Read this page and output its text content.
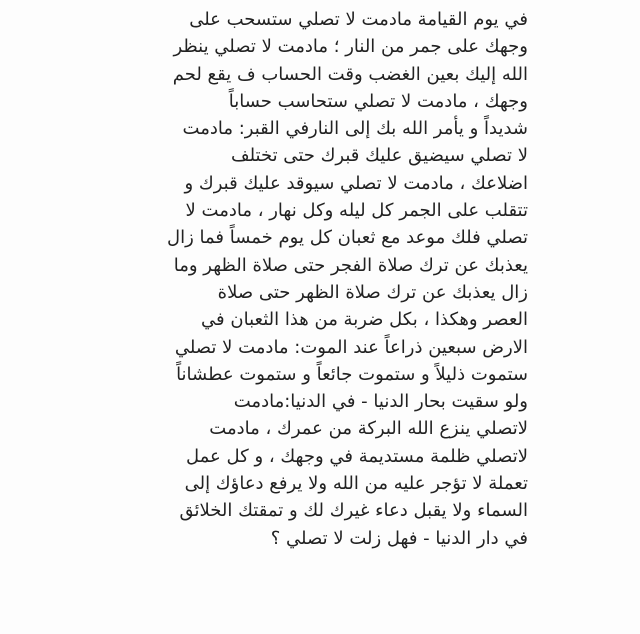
في يوم القيامة مادمت لا تصلي ستسحب على
وجهك على جمر من النار ؛ مادمت لا تصلي ينظر
الله إليك بعين الغضب وقت الحساب ف يقع لحم
وجهك ، مادمت لا تصلي ستحاسب حساباً
شديداً و يأمر الله بك إلى النارفي القبر: مادمت
لا تصلي سيضيق عليك قبرك حتى تختلف
اضلاعك ، مادمت لا تصلي سيوقد عليك قبرك و
تتقلب على الجمر كل ليله وكل نهار ، مادمت لا
تصلي فلك موعد مع ثعبان كل يوم خمساً فما زال
يعذبك عن ترك صلاة الفجر حتى صلاة الظهر وما
زال يعذبك عن ترك صلاة الظهر حتى صلاة
العصر وهكذا ، بكل ضربة من هذا الثعبان في
الارض سبعين ذراعاً عند الموت: مادمت لا تصلي
ستموت ذليلاً و ستموت جائعاً و ستموت عطشاناً
ولو سقيت بحار الدنيا - في الدنيا:مادمت
لاتصلي ينزع الله البركة من عمرك ، مادمت
لاتصلي ظلمة مستديمة في وجهك ، و كل عمل
تعملة لا تؤجر عليه من الله ولا يرفع دعاؤك إلى
السماء ولا يقبل دعاء غيرك لك و تمقتك الخلائق
في دار الدنيا - فهل زلت لا تصلي ؟
